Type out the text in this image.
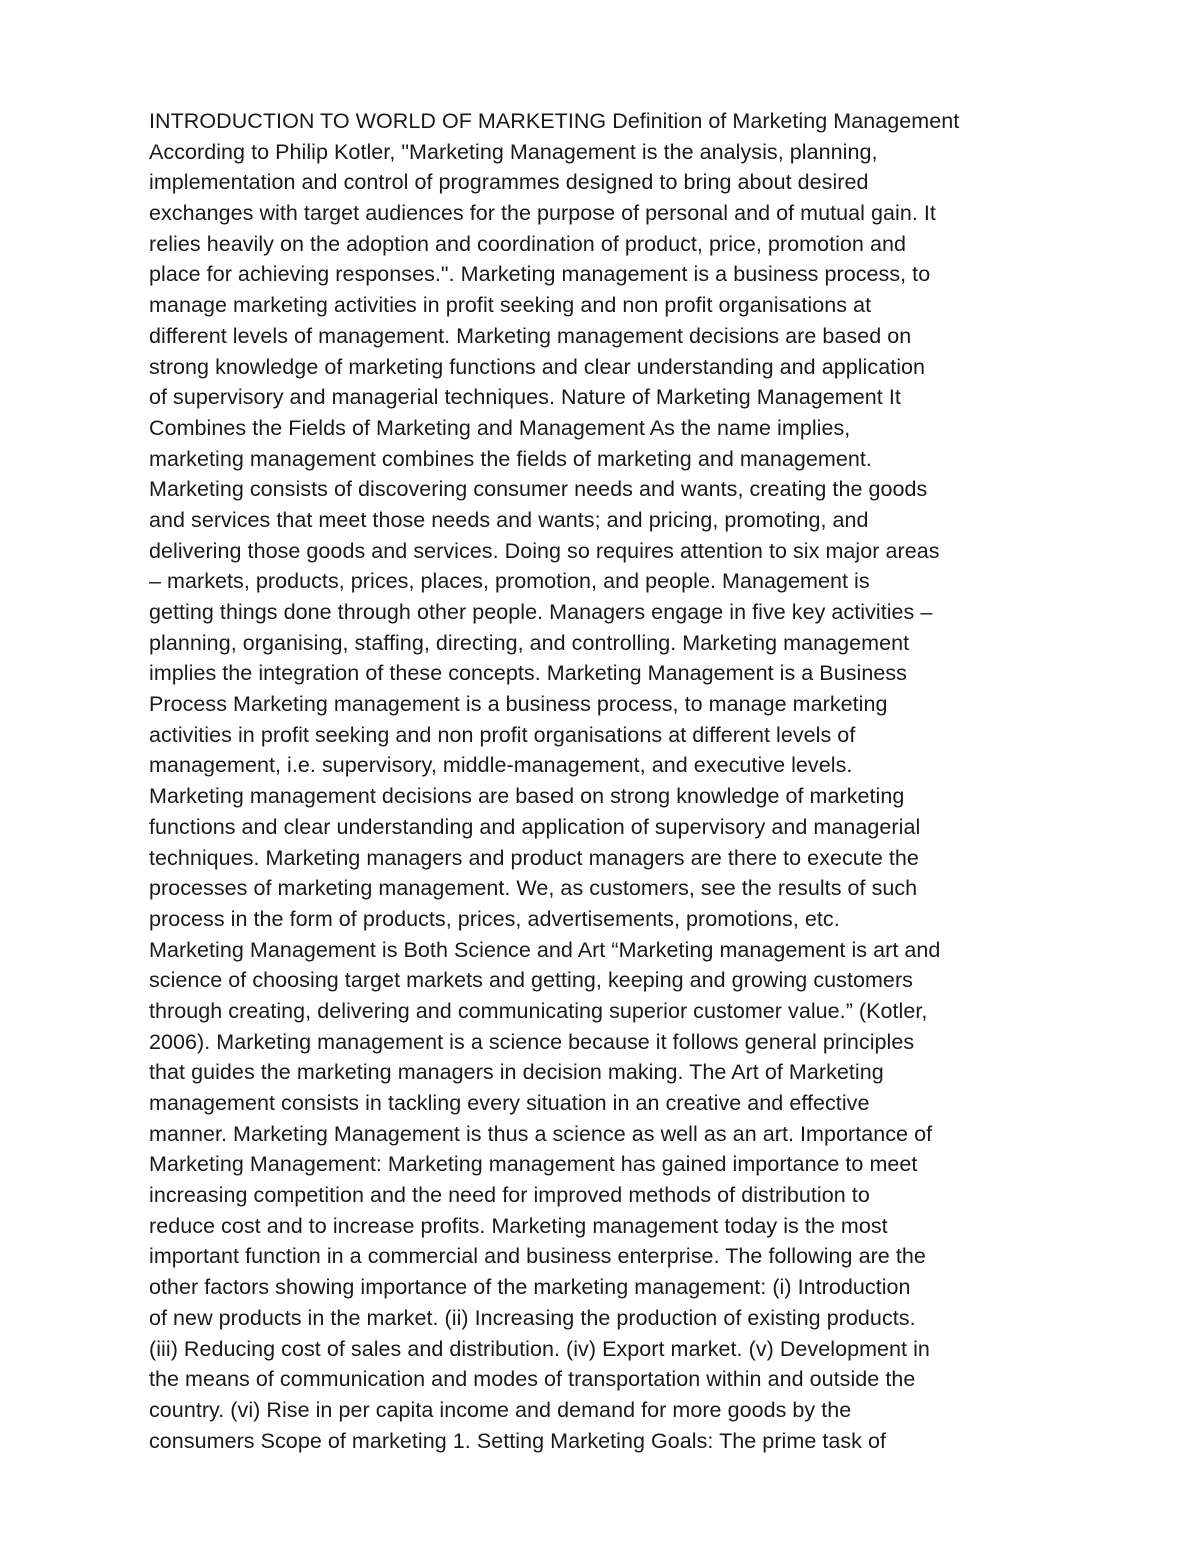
INTRODUCTION TO WORLD OF MARKETING Definition of Marketing Management
According to Philip Kotler, "Marketing Management is the analysis, planning,
implementation and control of programmes designed to bring about desired
exchanges with target audiences for the purpose of personal and of mutual gain. It
relies heavily on the adoption and coordination of product, price, promotion and
place for achieving responses.". Marketing management is a business process, to
manage marketing activities in profit seeking and non profit organisations at
different levels of management. Marketing management decisions are based on
strong knowledge of marketing functions and clear understanding and application
of supervisory and managerial techniques. Nature of Marketing Management It
Combines the Fields of Marketing and Management As the name implies,
marketing management combines the fields of marketing and management.
Marketing consists of discovering consumer needs and wants, creating the goods
and services that meet those needs and wants; and pricing, promoting, and
delivering those goods and services. Doing so requires attention to six major areas
– markets, products, prices, places, promotion, and people. Management is
getting things done through other people. Managers engage in five key activities –
planning, organising, staffing, directing, and controlling. Marketing management
implies the integration of these concepts. Marketing Management is a Business
Process Marketing management is a business process, to manage marketing
activities in profit seeking and non profit organisations at different levels of
management, i.e. supervisory, middle-management, and executive levels.
Marketing management decisions are based on strong knowledge of marketing
functions and clear understanding and application of supervisory and managerial
techniques. Marketing managers and product managers are there to execute the
processes of marketing management. We, as customers, see the results of such
process in the form of products, prices, advertisements, promotions, etc.
Marketing Management is Both Science and Art “Marketing management is art and
science of choosing target markets and getting, keeping and growing customers
through creating, delivering and communicating superior customer value.” (Kotler,
2006). Marketing management is a science because it follows general principles
that guides the marketing managers in decision making. The Art of Marketing
management consists in tackling every situation in an creative and effective
manner. Marketing Management is thus a science as well as an art. Importance of
Marketing Management: Marketing management has gained importance to meet
increasing competition and the need for improved methods of distribution to
reduce cost and to increase profits. Marketing management today is the most
important function in a commercial and business enterprise. The following are the
other factors showing importance of the marketing management: (i) Introduction
of new products in the market. (ii) Increasing the production of existing products.
(iii) Reducing cost of sales and distribution. (iv) Export market. (v) Development in
the means of communication and modes of transportation within and outside the
country. (vi) Rise in per capita income and demand for more goods by the
consumers Scope of marketing 1. Setting Marketing Goals: The prime task of
